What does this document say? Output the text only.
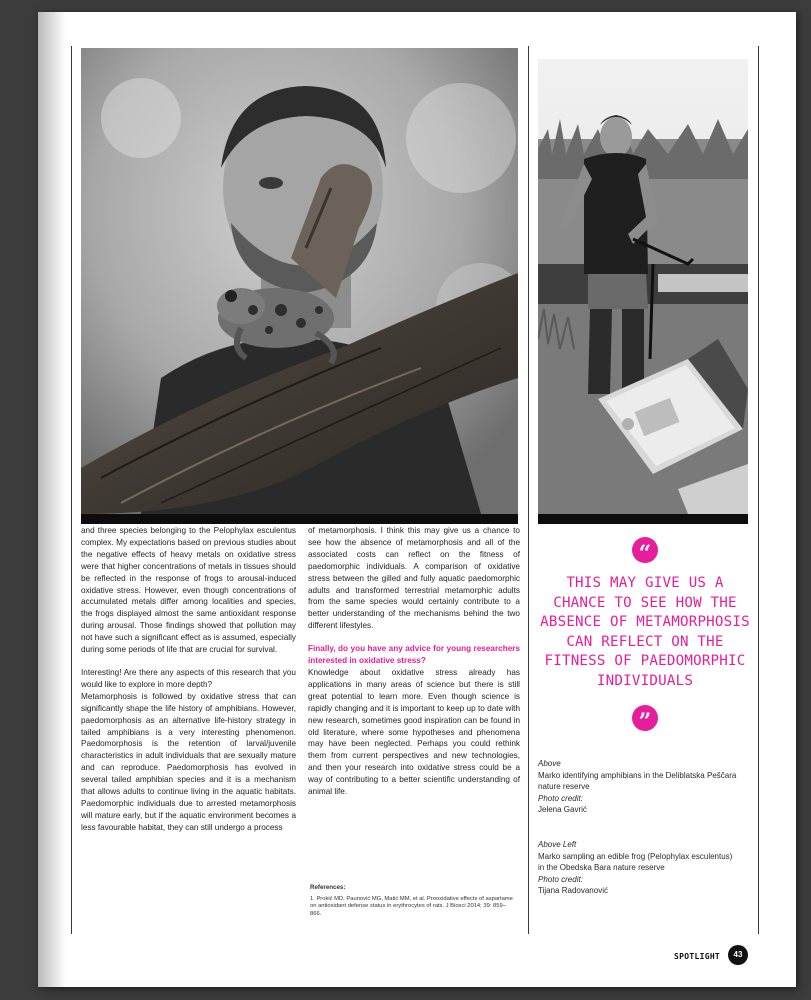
and three species belonging to the Pelophylax esculentus complex. My expectations based on previous studies about the negative effects of heavy metals on oxidative stress were that higher concentrations of metals in tissues should be reflected in the response of frogs to arousal-induced oxidative stress. However, even though concentrations of accumulated metals differ among localities and species, the frogs displayed almost the same antioxidant response during arousal. Those findings showed that pollution may not have such a significant effect as is assumed, especially during some periods of life that are crucial for survival.

Interesting! Are there any aspects of this research that you would like to explore in more depth?
Metamorphosis is followed by oxidative stress that can significantly shape the life history of amphibians. However, paedomorphosis as an alternative life-history strategy in tailed amphibians is a very interesting phenomenon. Paedomorphosis is the retention of larval/juvenile characteristics in adult individuals that are sexually mature and can reproduce. Paedomorphosis has evolved in several tailed amphibian species and it is a mechanism that allows adults to continue living in the aquatic habitats. Paedomorphic individuals due to arrested metamorphosis will mature early, but if the aquatic environment becomes a less favourable habitat, they can still undergo a process

of metamorphosis. I think this may give us a chance to see how the absence of metamorphosis and all of the associated costs can reflect on the fitness of paedomorphic individuals. A comparison of oxidative stress between the gilled and fully aquatic paedomorphic adults and transformed terrestrial metamorphic adults from the same species would certainly contribute to a better understanding of the mechanisms behind the two different lifestyles.

Finally, do you have any advice for young researchers interested in oxidative stress?
Knowledge about oxidative stress already has applications in many areas of science but there is still great potential to learn more. Even though science is rapidly changing and it is important to keep up to date with new research, sometimes good inspiration can be found in old literature, where some hypotheses and phenomena may have been neglected. Perhaps you could rethink them from current perspectives and new technologies, and then your research into oxidative stress could be a way of contributing to a better scientific understanding of animal life.
References:
1. Prokić MD, Paunović MG, Matić MM, et al. Prooxidative effects of aspartame on antioxidant defense status in erythrocytes of rats. J Biosci 2014; 39: 859–866.
“
THIS MAY GIVE US A CHANCE TO SEE HOW THE ABSENCE OF METAMORPHOSIS CAN REFLECT ON THE FITNESS OF PAEDOMORPHIC INDIVIDUALS
”
Above
Marko identifying amphibians in the Deliblatska Peščara nature reserve
Photo credit:
Jelena Gavrić
Above Left
Marko sampling an edible frog (Pelophylax esculentus) in the Obedska Bara nature reserve
Photo credit:
Tijana Radovanović
SPOTLIGHT	43
